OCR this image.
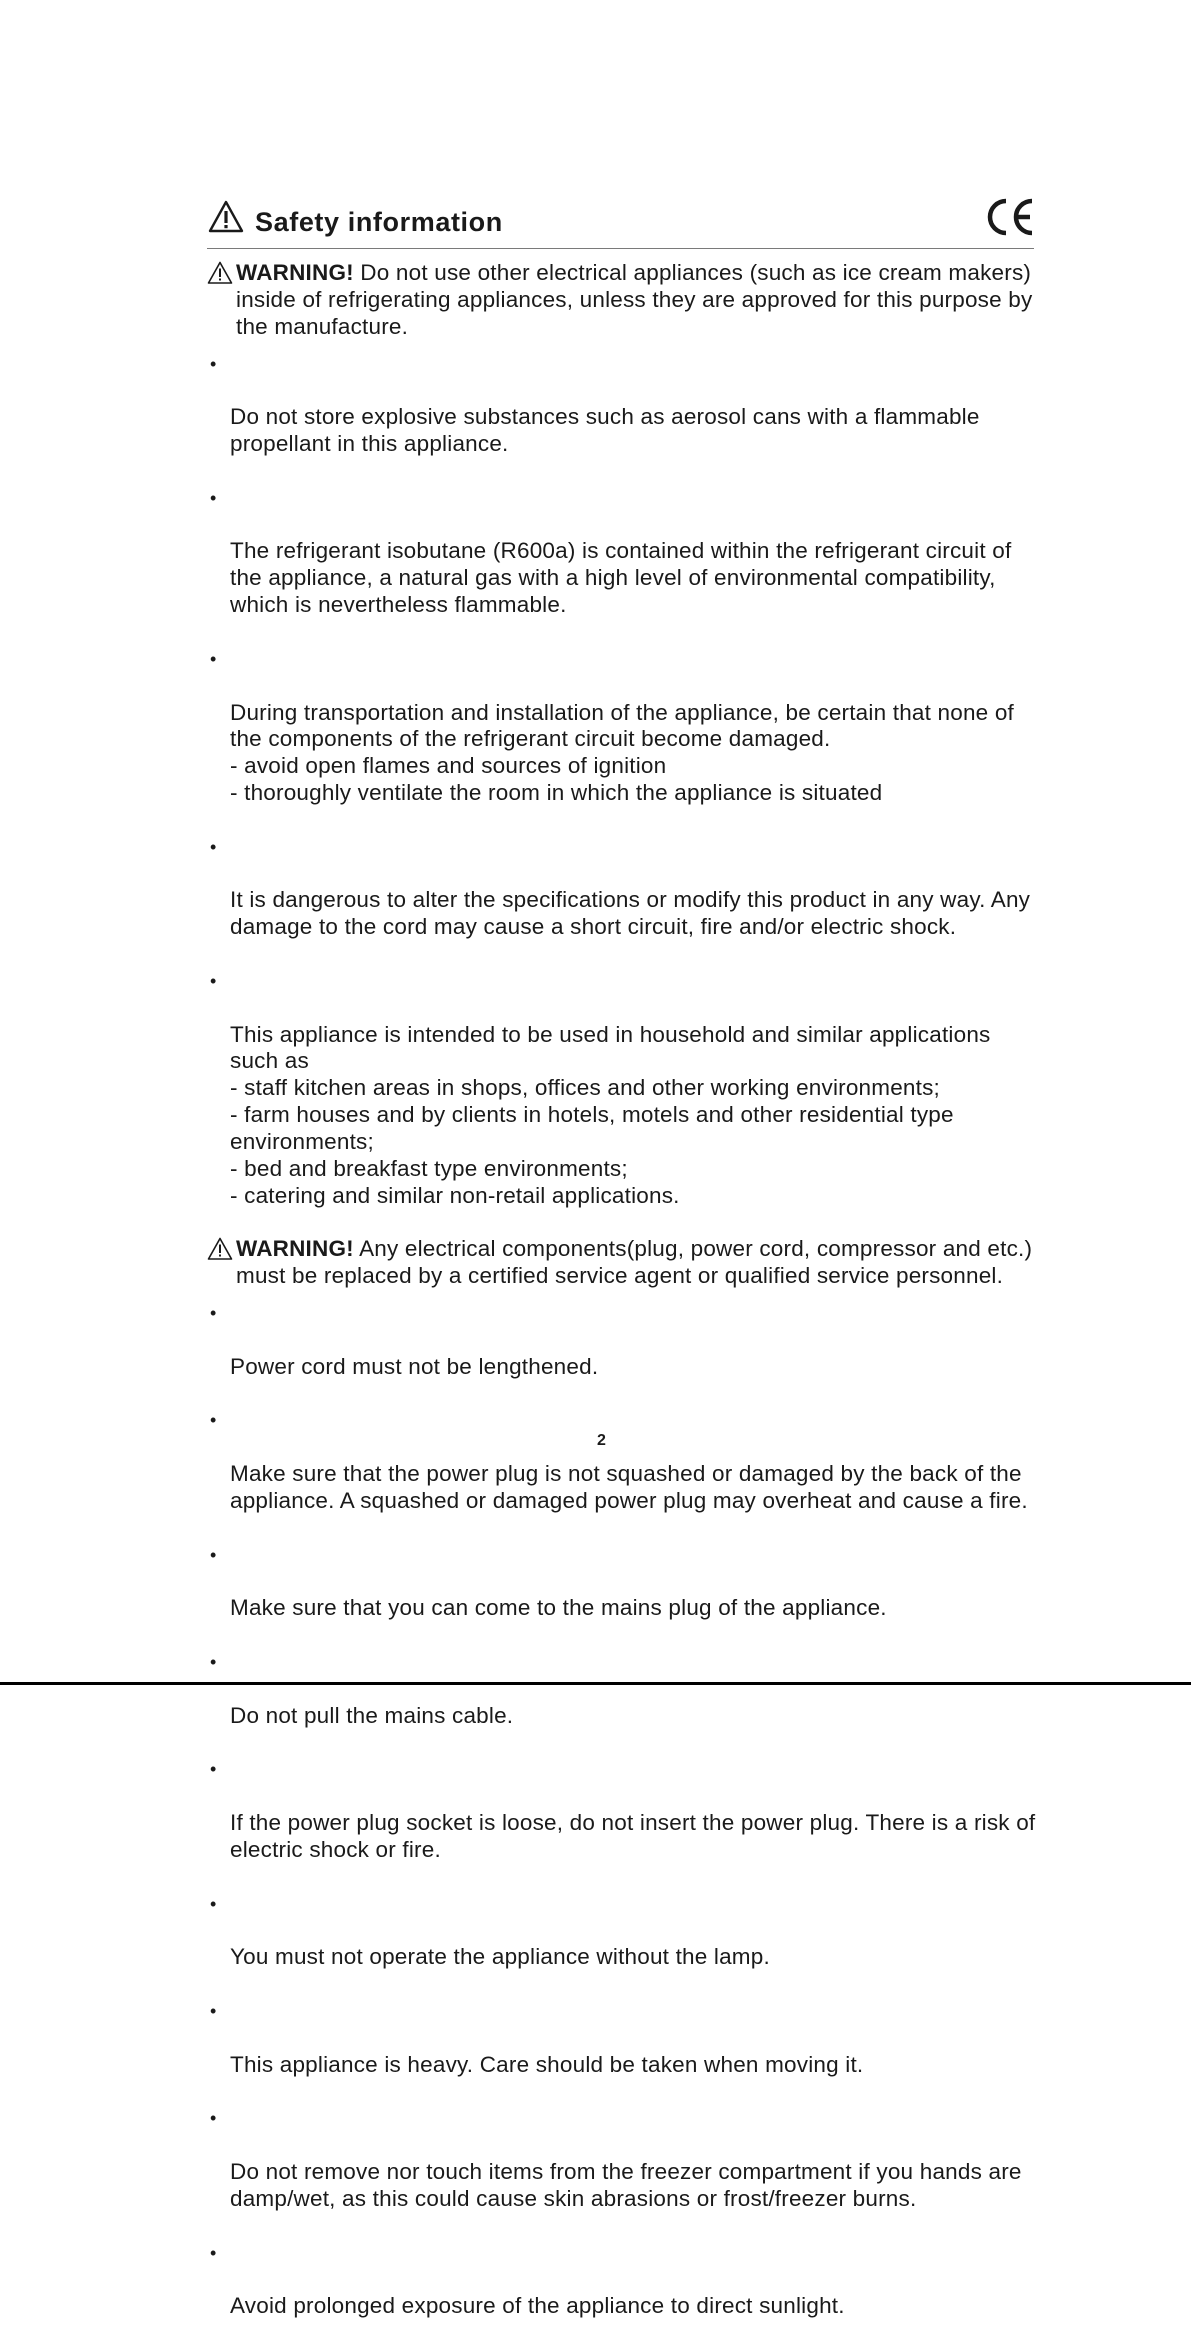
Safety information
WARNING! Do not use other electrical appliances (such as ice cream makers) inside of refrigerating appliances, unless they are approved for this purpose by the manufacture.

•

Do not store explosive substances such as aerosol cans with a flammable propellant in this appliance.

•

The refrigerant isobutane (R600a) is contained within the refrigerant circuit of the appliance, a natural gas with a high level of environmental compatibility, which is nevertheless flammable.

•

During transportation and installation of the appliance, be certain that none of the components of the refrigerant circuit become damaged.
- avoid open flames and sources of ignition
- thoroughly ventilate the room in which the appliance is situated

•

It is dangerous to alter the specifications or modify this product in any way. Any damage to the cord may cause a short circuit, fire and/or electric shock.

•

This appliance is intended to be used in household and similar applications such as
- staff kitchen areas in shops, offices and other working environments;
- farm houses and by clients in hotels, motels and other residential type environments;
- bed and breakfast type environments;
- catering and similar non-retail applications.

WARNING! Any electrical components(plug, power cord, compressor and etc.) must be replaced by a certified service agent or qualified service personnel.

•

Power cord must not be lengthened.

•

Make sure that the power plug is not squashed or damaged by the back of the appliance. A squashed or damaged power plug may overheat and cause a fire.

•

Make sure that you can come to the mains plug of the appliance.

•

Do not pull the mains cable.

•

If the power plug socket is loose, do not insert the power plug. There is a risk of electric shock or fire.

•

You must not operate the appliance without the lamp.

•

This appliance is heavy. Care should be taken when moving it.

•

Do not remove nor touch items from the freezer compartment if you hands are damp/wet, as this could cause skin abrasions or frost/freezer burns.

•

Avoid prolonged exposure of the appliance to direct sunlight.

2
